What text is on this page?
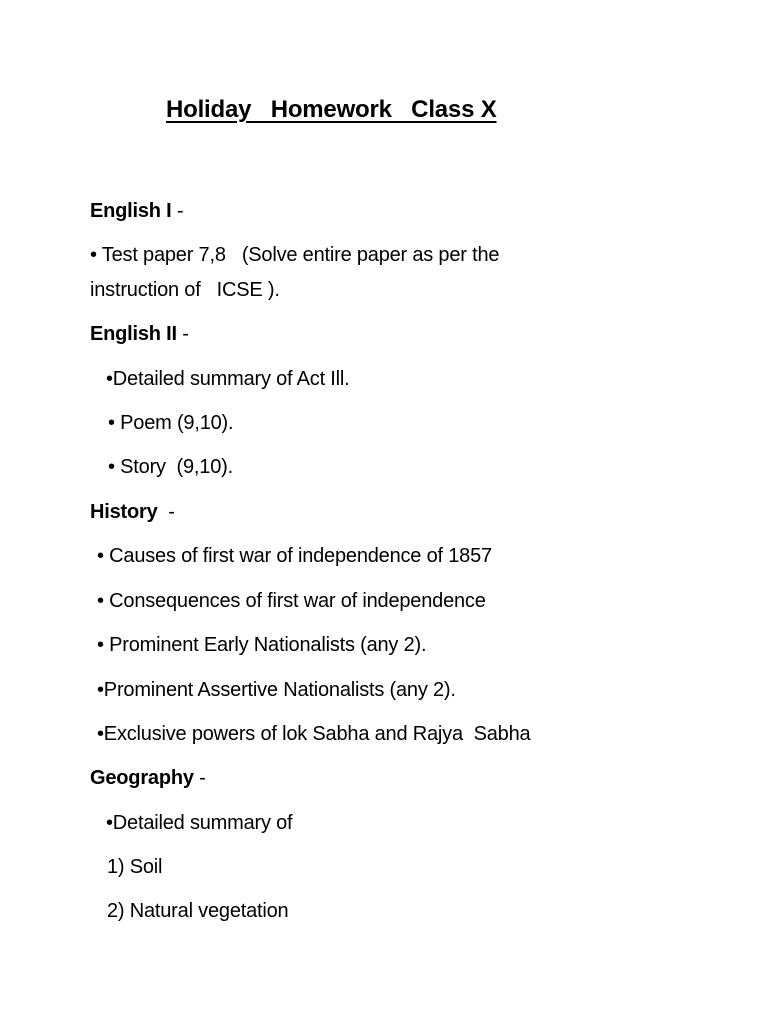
Holiday   Homework   Class X
English I -
• Test paper 7,8   (Solve entire paper as per the
instruction of   ICSE ).
English II -
•Detailed summary of Act Ill.
• Poem (9,10).
• Story  (9,10).
History  -
• Causes of first war of independence of 1857
• Consequences of first war of independence
• Prominent Early Nationalists (any 2).
•Prominent Assertive Nationalists (any 2).
•Exclusive powers of lok Sabha and Rajya  Sabha
Geography -
•Detailed summary of
1) Soil
2) Natural vegetation
